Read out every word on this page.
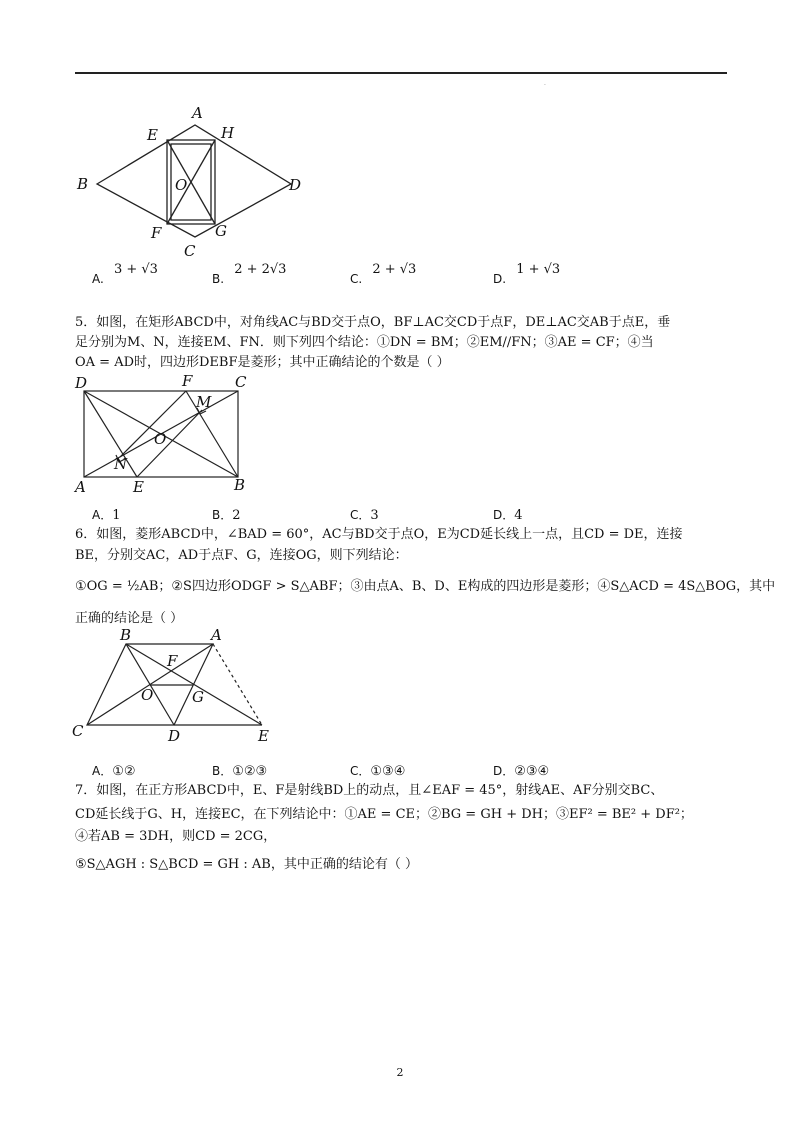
·
A
E	H
B	O	D
F	G
C
A. 3 + √3
B. 2 + 2√3
C. 2 + √3
D. 1 + √3
5．如图，在矩形ABCD中，对角线AC与BD交于点O，BF⊥AC交CD于点F，DE⊥AC交AB于点E，垂
足分别为M、N，连接EM、FN．则下列四个结论：①DN = BM；②EM//FN；③AE = CF；④当
OA = AD时，四边形DEBF是菱形；其中正确结论的个数是（ ）
D	F	C
M
O
N
A	E	B
A．1	B．2	C．3	D．4
6．如图，菱形ABCD中，∠BAD = 60°，AC与BD交于点O，E为CD延长线上一点，且CD = DE，连接
BE，分别交AC，AD于点F、G，连接OG，则下列结论：
①OG = ½AB；②S四边形ODGF > S△ABF；③由点A、B、D、E构成的四边形是菱形；④S△ACD = 4S△BOG，其中
正确的结论是（ ）
B	A
F
O	G
C	D	E
A．①②	B．①②③	C．①③④	D．②③④
7．如图，在正方形ABCD中，E、F是射线BD上的动点，且∠EAF = 45°，射线AE、AF分别交BC、
CD延长线于G、H，连接EC，在下列结论中：①AE = CE；②BG = GH + DH；③EF² = BE² + DF²；
④若AB = 3DH，则CD = 2CG，
⑤S△AGH : S△BCD = GH : AB，其中正确的结论有（ ）
2
